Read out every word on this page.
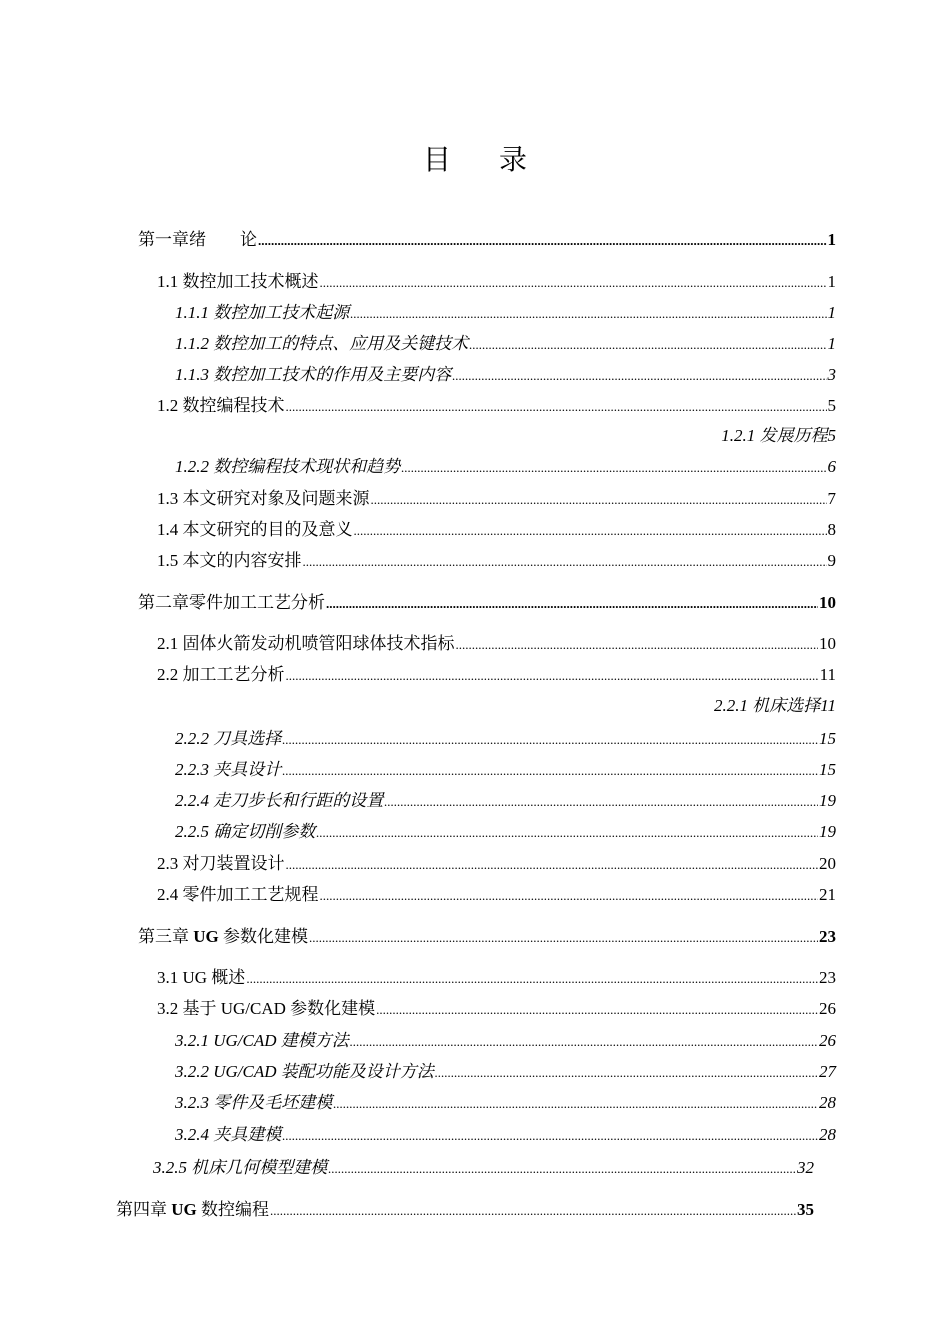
目录
第一章绪　　论 .....	1
1.1 数控加工技术概述 .....	1
1.1.1 数控加工技术起源 .....	1
1.1.2 数控加工的特点、应用及关键技术 .....	1
1.1.3 数控加工技术的作用及主要内容 .....	3
1.2 数控编程技术 .....	5
1.2.1 发展历程 5
1.2.2 数控编程技术现状和趋势 .....	6
1.3 本文研究对象及问题来源 .....	7
1.4 本文研究的目的及意义 .....	8
1.5 本文的内容安排 .....	9
第二章零件加工工艺分析 .....	10
2.1 固体火箭发动机喷管阳球体技术指标 .....	10
2.2 加工工艺分析 .....	11
2.2.1 机床选择 11
2.2.2 刀具选择 .....	15
2.2.3 夹具设计 .....	15
2.2.4 走刀步长和行距的设置 .....	19
2.2.5 确定切削参数 .....	19
2.3 对刀装置设计 .....	20
2.4 零件加工工艺规程 .....	21
第三章 UG 参数化建模 .....	23
3.1 UG 概述 .....	23
3.2 基于 UG/CAD 参数化建模 .....	26
3.2.1 UG/CAD 建模方法 .....	26
3.2.2 UG/CAD 装配功能及设计方法 .....	27
3.2.3 零件及毛坯建模 .....	28
3.2.4 夹具建模 .....	28
3.2.5 机床几何模型建模 .....	32
第四章 UG 数控编程 .....	35
